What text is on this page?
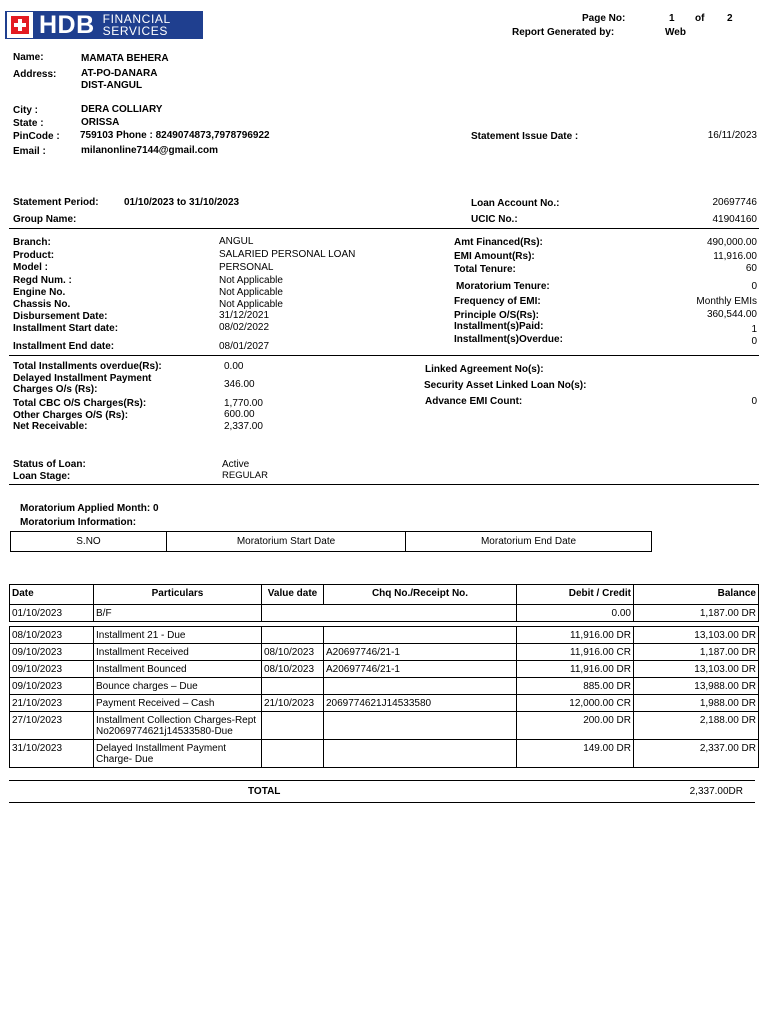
HDB FINANCIAL
SERVICES
Page No:	1 of 2
Report Generated by:	Web
Name:	MAMATA BEHERA
Address: AT-PO-DANARA
DIST-ANGUL
City :	DERA COLLIARY
State :	ORISSA
PinCode : 759103 Phone : 8249074873,7978796922
Email :	milanonline7144@gmail.com
Statement Issue Date :	16/11/2023
Statement Period:	01/10/2023 to 31/10/2023	Loan Account No.:	20697746
Group Name:	UCIC No.:	41904160
Branch:	ANGUL
Product:	SALARIED PERSONAL LOAN
Model :	PERSONAL
Regd Num. :	Not Applicable
Engine No.	Not Applicable
Chassis No.	Not Applicable
Disbursement Date:	31/12/2021
Installment Start date:	08/02/2022
Installment End date:	08/01/2027
Amt Financed(Rs):	490,000.00
EMI Amount(Rs):	11,916.00
Total Tenure:	60
Moratorium Tenure:	0
Frequency of EMI:	Monthly EMIs
Principle O/S(Rs):	360,544.00
Installment(s)Paid:	1
Installment(s)Overdue:	0
Total Installments overdue(Rs):	0.00
Delayed Installment Payment
Charges O/s (Rs):	346.00
Total CBC O/S Charges(Rs):	1,770.00
Other Charges O/S (Rs):	600.00
Net Receivable:	2,337.00
Linked Agreement No(s):
Security Asset Linked Loan No(s):
Advance EMI Count:	0
Status of Loan:	Active
Loan Stage:	REGULAR
Moratorium Applied Month: 0
Moratorium Information:
S.NO	Moratorium Start Date	Moratorium End Date
Date	Particulars	Value date	Chq No./Receipt No.	Debit / Credit	Balance
01/10/2023	B/F			0.00	1,187.00 DR

08/10/2023	Installment 21 - Due			11,916.00 DR	13,103.00 DR
09/10/2023	Installment Received	08/10/2023	A20697746/21-1	11,916.00 CR	1,187.00 DR
09/10/2023	Installment Bounced	08/10/2023	A20697746/21-1	11,916.00 DR	13,103.00 DR
09/10/2023	Bounce charges – Due			885.00 DR	13,988.00 DR
21/10/2023	Payment Received – Cash	21/10/2023	2069774621J14533580	12,000.00 CR	1,988.00 DR
27/10/2023	Installment Collection Charges-Rept No2069774621j14533580-Due			200.00 DR	2,188.00 DR
31/10/2023	Delayed Installment Payment Charge- Due			149.00 DR	2,337.00 DR
TOTAL	2,337.00DR
